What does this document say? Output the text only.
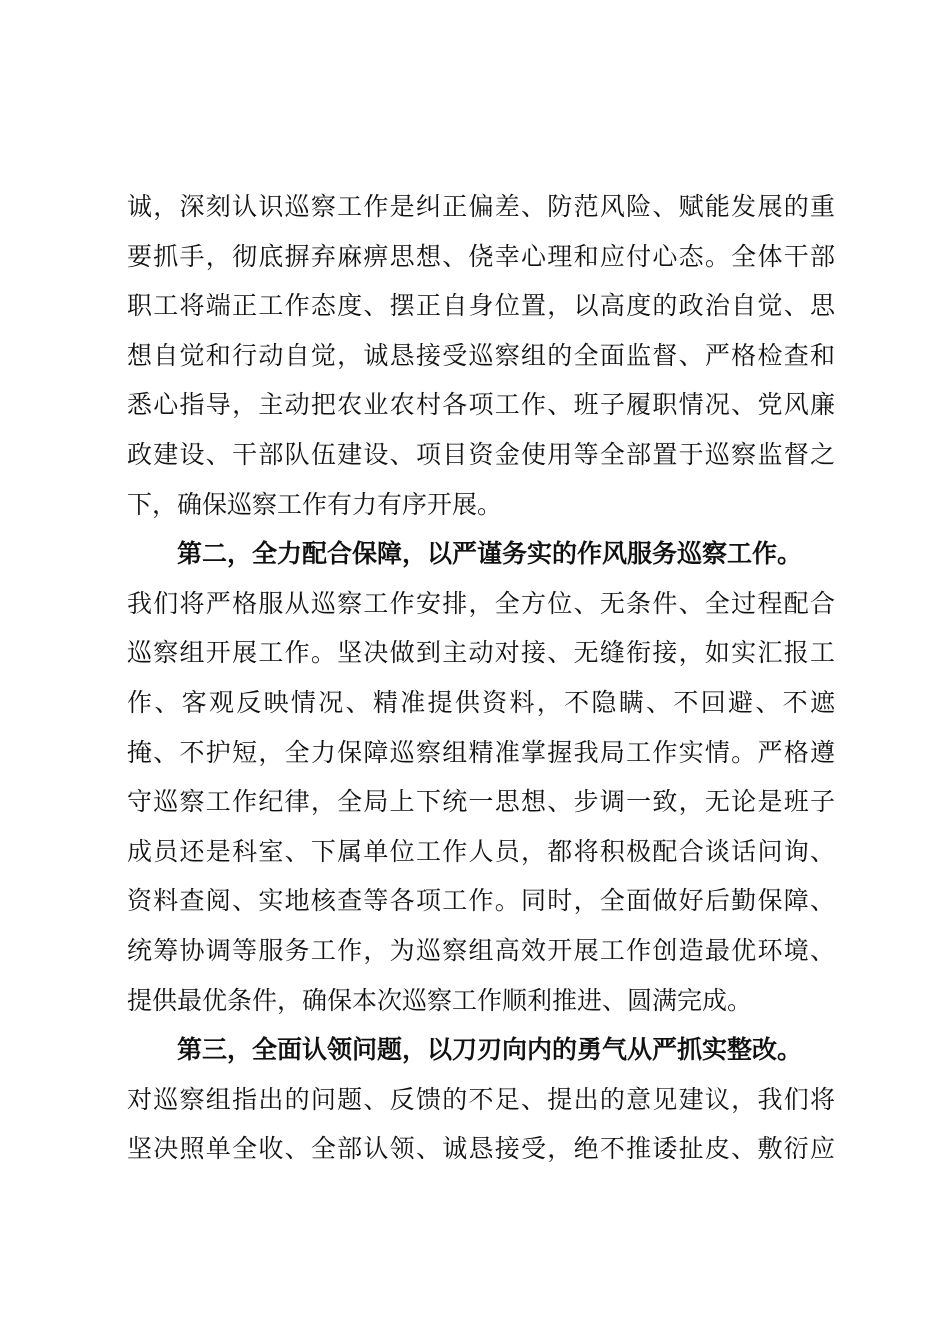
诚，深刻认识巡察工作是纠正偏差、防范风险、赋能发展的重
要抓手，彻底摒弃麻痹思想、侥幸心理和应付心态。全体干部
职工将端正工作态度、摆正自身位置，以高度的政治自觉、思
想自觉和行动自觉，诚恳接受巡察组的全面监督、严格检查和
悉心指导，主动把农业农村各项工作、班子履职情况、党风廉
政建设、干部队伍建设、项目资金使用等全部置于巡察监督之
下，确保巡察工作有力有序开展。
第二，全力配合保障，以严谨务实的作风服务巡察工作。
我们将严格服从巡察工作安排，全方位、无条件、全过程配合
巡察组开展工作。坚决做到主动对接、无缝衔接，如实汇报工
作、客观反映情况、精准提供资料，不隐瞒、不回避、不遮
掩、不护短，全力保障巡察组精准掌握我局工作实情。严格遵
守巡察工作纪律，全局上下统一思想、步调一致，无论是班子
成员还是科室、下属单位工作人员，都将积极配合谈话问询、
资料查阅、实地核查等各项工作。同时，全面做好后勤保障、
统筹协调等服务工作，为巡察组高效开展工作创造最优环境、
提供最优条件，确保本次巡察工作顺利推进、圆满完成。
第三，全面认领问题，以刀刃向内的勇气从严抓实整改。
对巡察组指出的问题、反馈的不足、提出的意见建议，我们将
坚决照单全收、全部认领、诚恳接受，绝不推诿扯皮、敷衍应
